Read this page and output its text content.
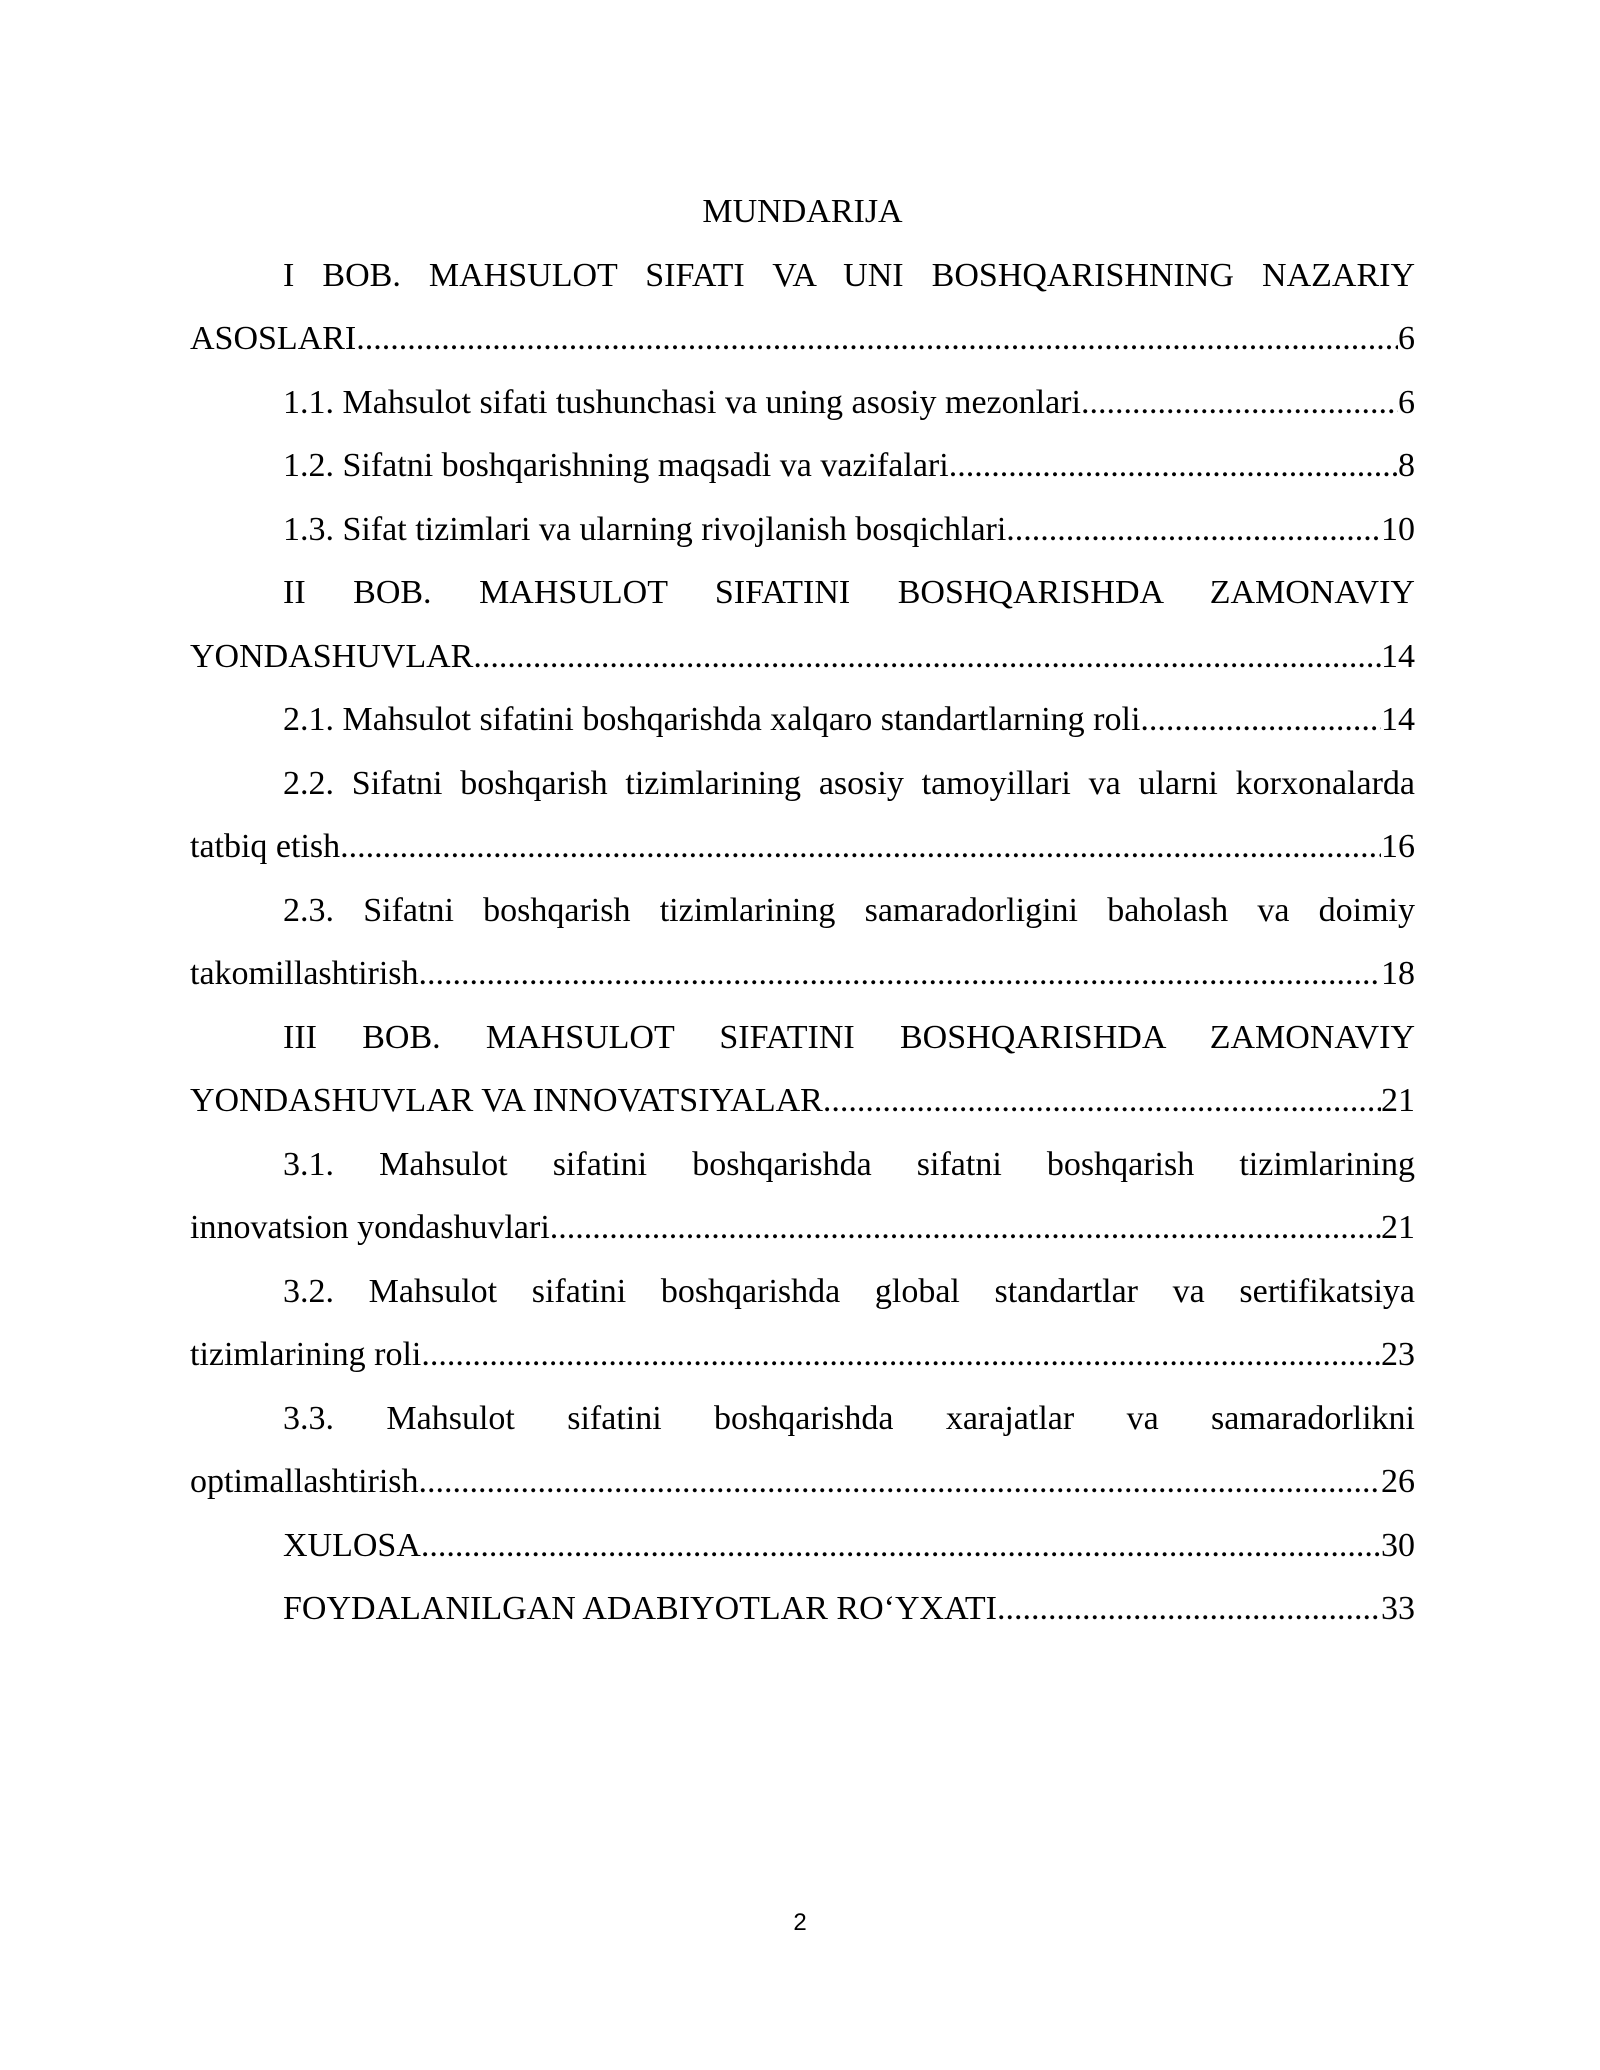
MUNDARIJA
I BOB. MAHSULOT SIFATI VA UNI BOSHQARISHNING NAZARIY
ASOSLARI .....	6
1.1. Mahsulot sifati tushunchasi va uning asosiy mezonlari .....	6
1.2. Sifatni boshqarishning maqsadi va vazifalari .....	8
1.3. Sifat tizimlari va ularning rivojlanish bosqichlari .....	10
II BOB. MAHSULOT SIFATINI BOSHQARISHDA ZAMONAVIY
YONDASHUVLAR .....	14
2.1. Mahsulot sifatini boshqarishda xalqaro standartlarning roli .....	14
2.2. Sifatni boshqarish tizimlarining asosiy tamoyillari va ularni korxonalarda
tatbiq etish .....	16
2.3. Sifatni boshqarish tizimlarining samaradorligini baholash va doimiy
takomillashtirish .....	18
III BOB. MAHSULOT SIFATINI BOSHQARISHDA ZAMONAVIY
YONDASHUVLAR VA INNOVATSIYALAR .....	21
3.1. Mahsulot sifatini boshqarishda sifatni boshqarish tizimlarining
innovatsion yondashuvlari .....	21
3.2. Mahsulot sifatini boshqarishda global standartlar va sertifikatsiya
tizimlarining roli .....	23
3.3. Mahsulot sifatini boshqarishda xarajatlar va samaradorlikni
optimallashtirish .....	26
XULOSA .....	30
FOYDALANILGAN ADABIYOTLAR RO‘YXATI .....	33
2
